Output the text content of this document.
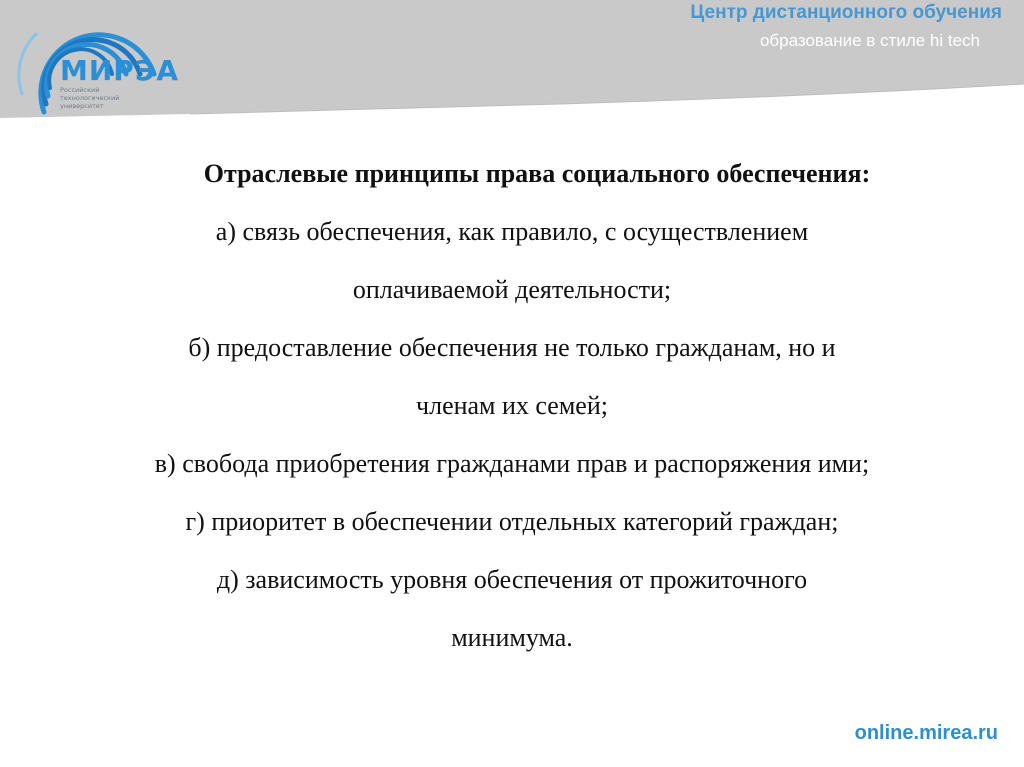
МИРЭА
Российский технологический университет
Центр дистанционного обучения
образование в стиле hi tech

Отраслевые принципы права социального обеспечения:

а) связь обеспечения, как правило, с осуществлением

оплачиваемой деятельности;

б) предоставление обеспечения не только гражданам, но и

членам их семей;

в) свобода приобретения гражданами прав и распоряжения ими;

г) приоритет в обеспечении отдельных категорий граждан;

д) зависимость уровня обеспечения от прожиточного

минимума.

online.mirea.ru
